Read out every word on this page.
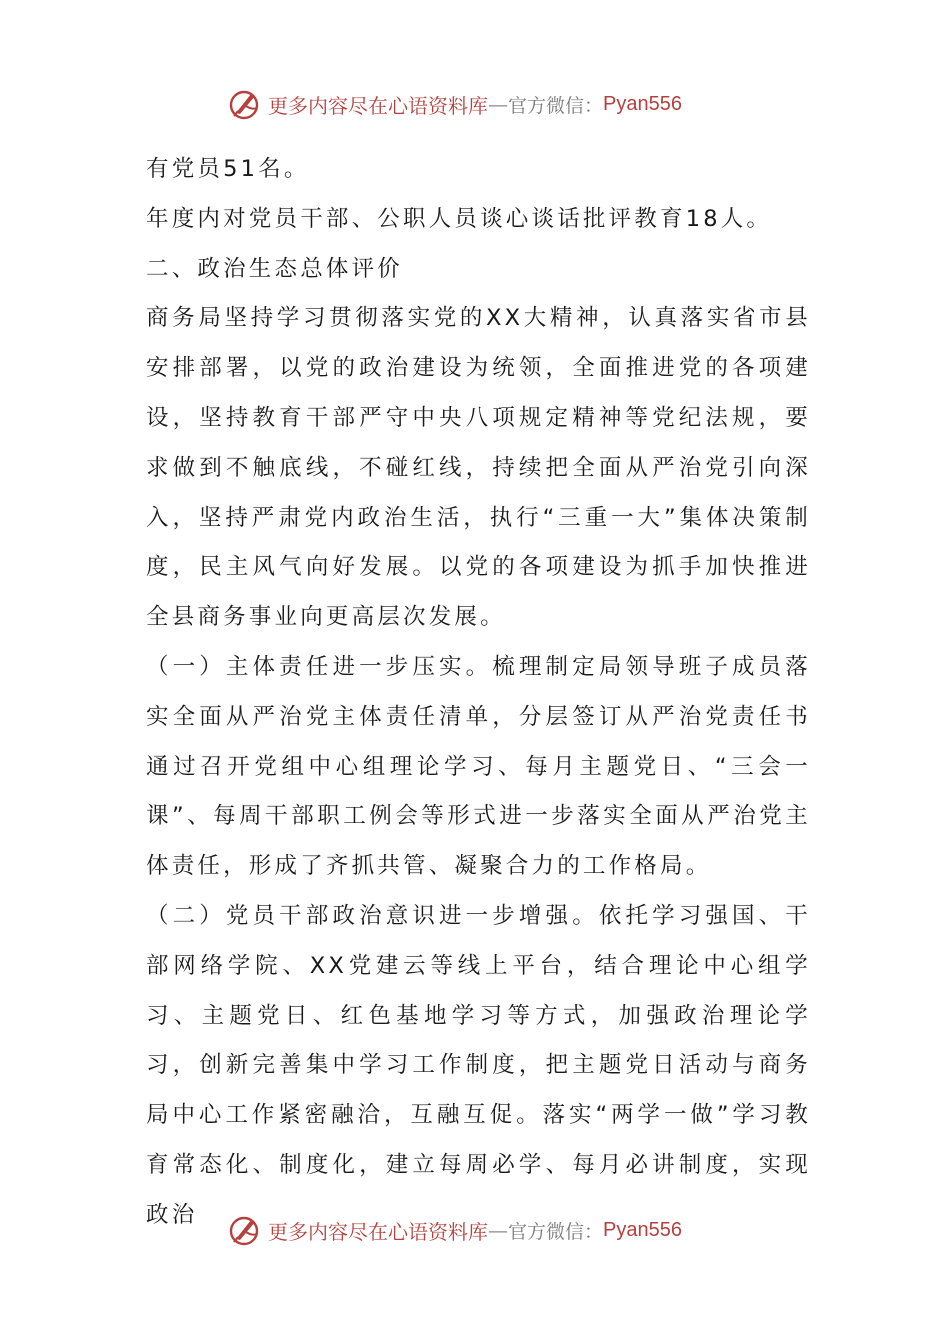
更多内容尽在心语资料库 — 官方微信： Pyan556

有党员51名。

年度内对党员干部、公职人员谈心谈话批评教育18人。

二、政治生态总体评价

商务局坚持学习贯彻落实党的XX大精神，认真落实省市县安排部署，以党的政治建设为统领，全面推进党的各项建设，坚持教育干部严守中央八项规定精神等党纪法规，要求做到不触底线，不碰红线，持续把全面从严治党引向深入，坚持严肃党内政治生活，执行“三重一大”集体决策制度，民主风气向好发展。以党的各项建设为抓手加快推进全县商务事业向更高层次发展。

（一）主体责任进一步压实。梳理制定局领导班子成员落实全面从严治党主体责任清单，分层签订从严治党责任书通过召开党组中心组理论学习、每月主题党日、“三会一课”、每周干部职工例会等形式进一步落实全面从严治党主体责任，形成了齐抓共管、凝聚合力的工作格局。

（二）党员干部政治意识进一步增强。依托学习强国、干部网络学院、XX党建云等线上平台，结合理论中心组学习、主题党日、红色基地学习等方式，加强政治理论学习，创新完善集中学习工作制度，把主题党日活动与商务局中心工作紧密融洽，互融互促。落实“两学一做”学习教育常态化、制度化，建立每周必学、每月必讲制度，实现政治

更多内容尽在心语资料库 — 官方微信： Pyan556
